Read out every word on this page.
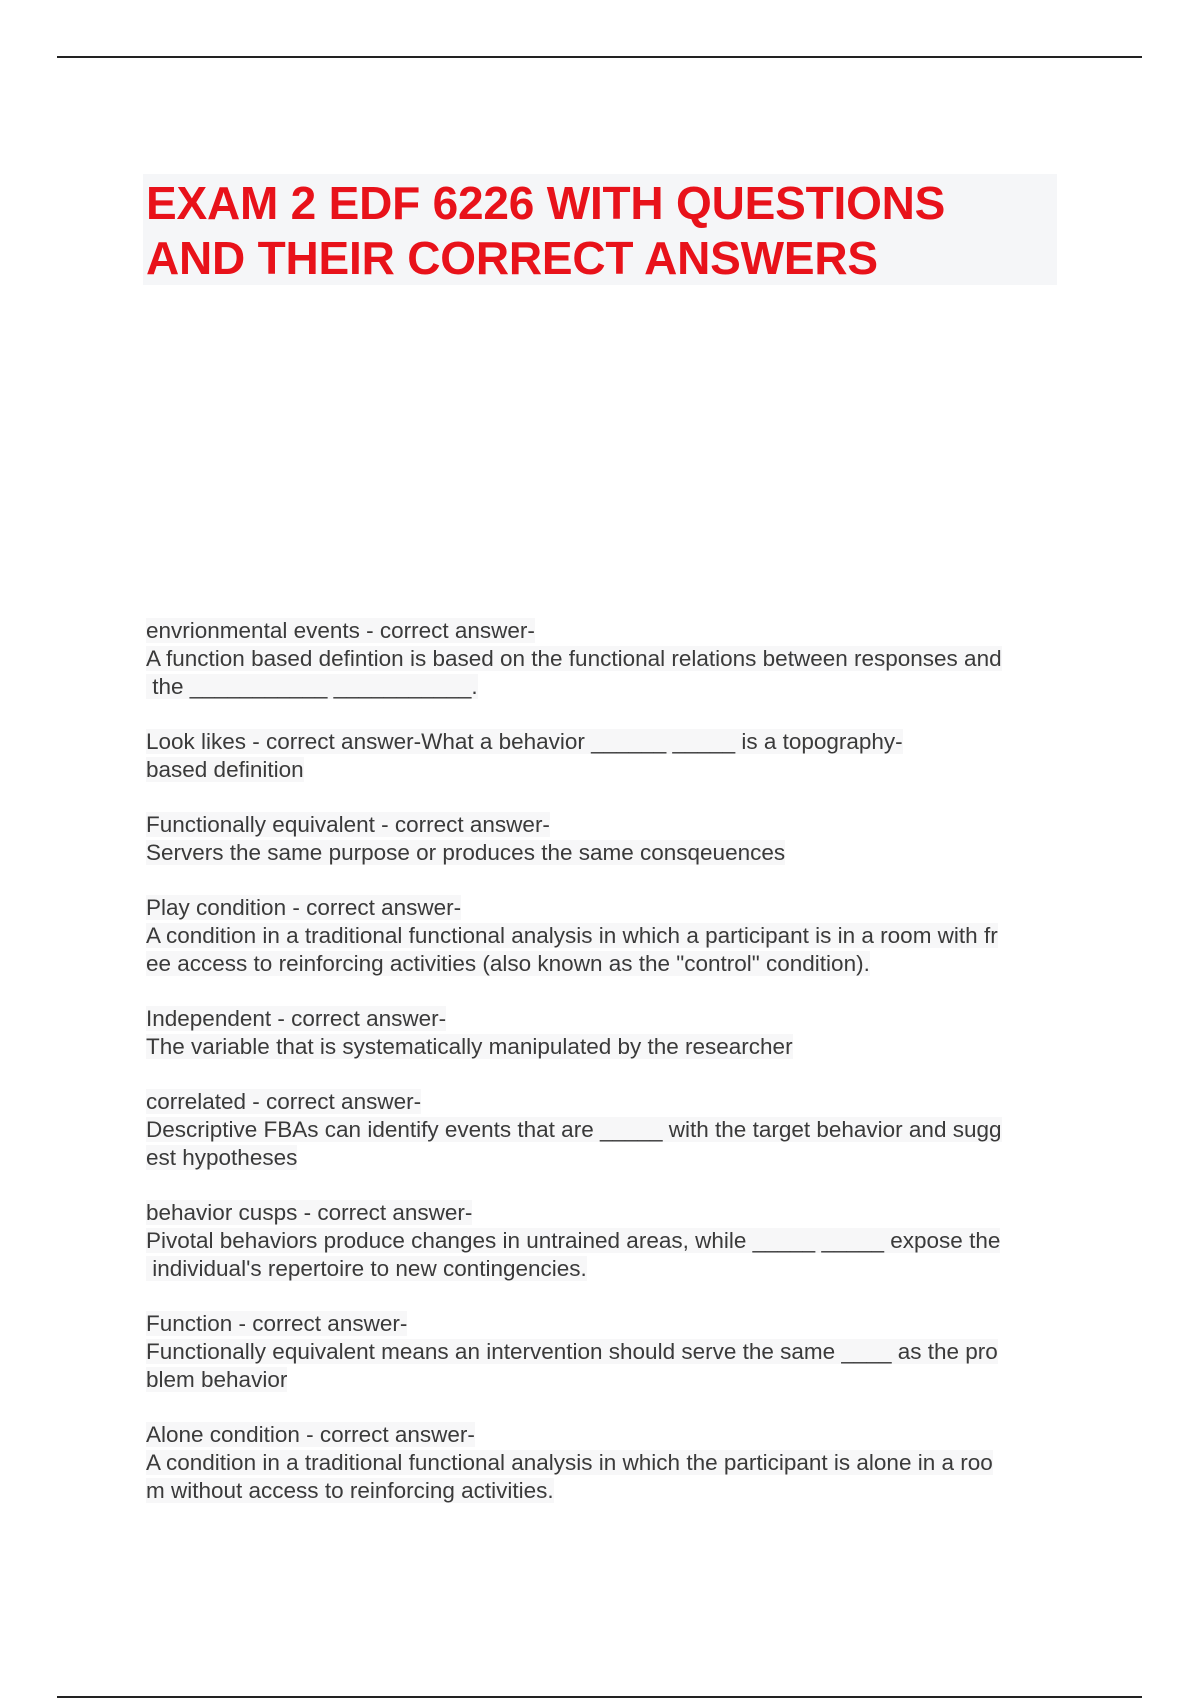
EXAM 2 EDF 6226 WITH QUESTIONS
AND THEIR CORRECT ANSWERS
envrionmental events - correct answer-
A function based defintion is based on the functional relations between responses and
the ___________ ___________.
Look likes - correct answer-What a behavior ______ _____ is a topography-
based definition
Functionally equivalent - correct answer-
Servers the same purpose or produces the same consqeuences
Play condition - correct answer-
A condition in a traditional functional analysis in which a participant is in a room with fr
ee access to reinforcing activities (also known as the "control" condition).
Independent - correct answer-
The variable that is systematically manipulated by the researcher
correlated - correct answer-
Descriptive FBAs can identify events that are _____ with the target behavior and sugg
est hypotheses
behavior cusps - correct answer-
Pivotal behaviors produce changes in untrained areas, while _____ _____ expose the
individual's repertoire to new contingencies.
Function - correct answer-
Functionally equivalent means an intervention should serve the same ____ as the pro
blem behavior
Alone condition - correct answer-
A condition in a traditional functional analysis in which the participant is alone in a roo
m without access to reinforcing activities.
